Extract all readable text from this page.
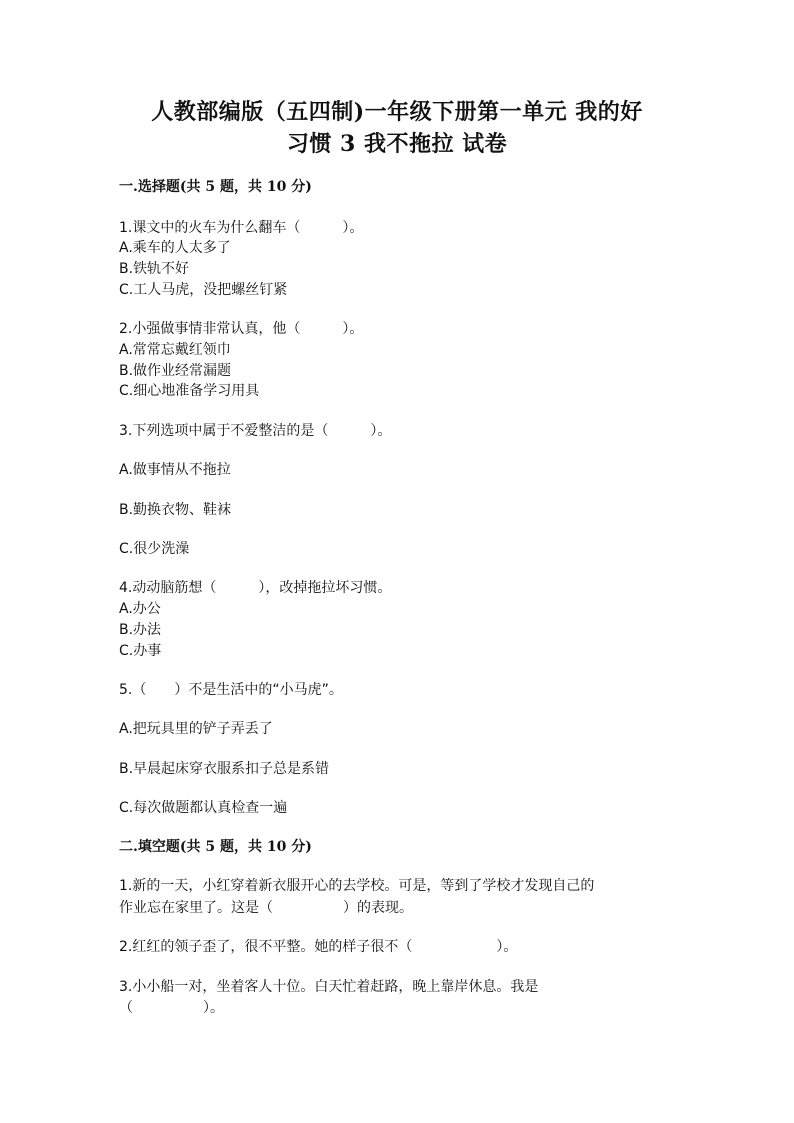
人教部编版（五四制)一年级下册第一单元 我的好
习惯 3 我不拖拉 试卷
一.选择题(共 5 题，共 10 分)
1.课文中的火车为什么翻车（　　　）。
A.乘车的人太多了
B.铁轨不好
C.工人马虎，没把螺丝钉紧
2.小强做事情非常认真，他（　　　）。
A.常常忘戴红领巾
B.做作业经常漏题
C.细心地准备学习用具
3.下列选项中属于不爱整洁的是（　　　）。
A.做事情从不拖拉
B.勤换衣物、鞋袜
C.很少洗澡
4.动动脑筋想（　　　），改掉拖拉坏习惯。
A.办公
B.办法
C.办事
5.（　　）不是生活中的“小马虎”。
A.把玩具里的铲子弄丢了
B.早晨起床穿衣服系扣子总是系错
C.每次做题都认真检查一遍
二.填空题(共 5 题，共 10 分)
1.新的一天，小红穿着新衣服开心的去学校。可是，等到了学校才发现自己的
作业忘在家里了。这是（　　　　　）的表现。
2.红红的领子歪了，很不平整。她的样子很不（　　　　　　）。
3.小小船一对，坐着客人十位。白天忙着赶路，晚上靠岸休息。我是
（　　　　　）。
